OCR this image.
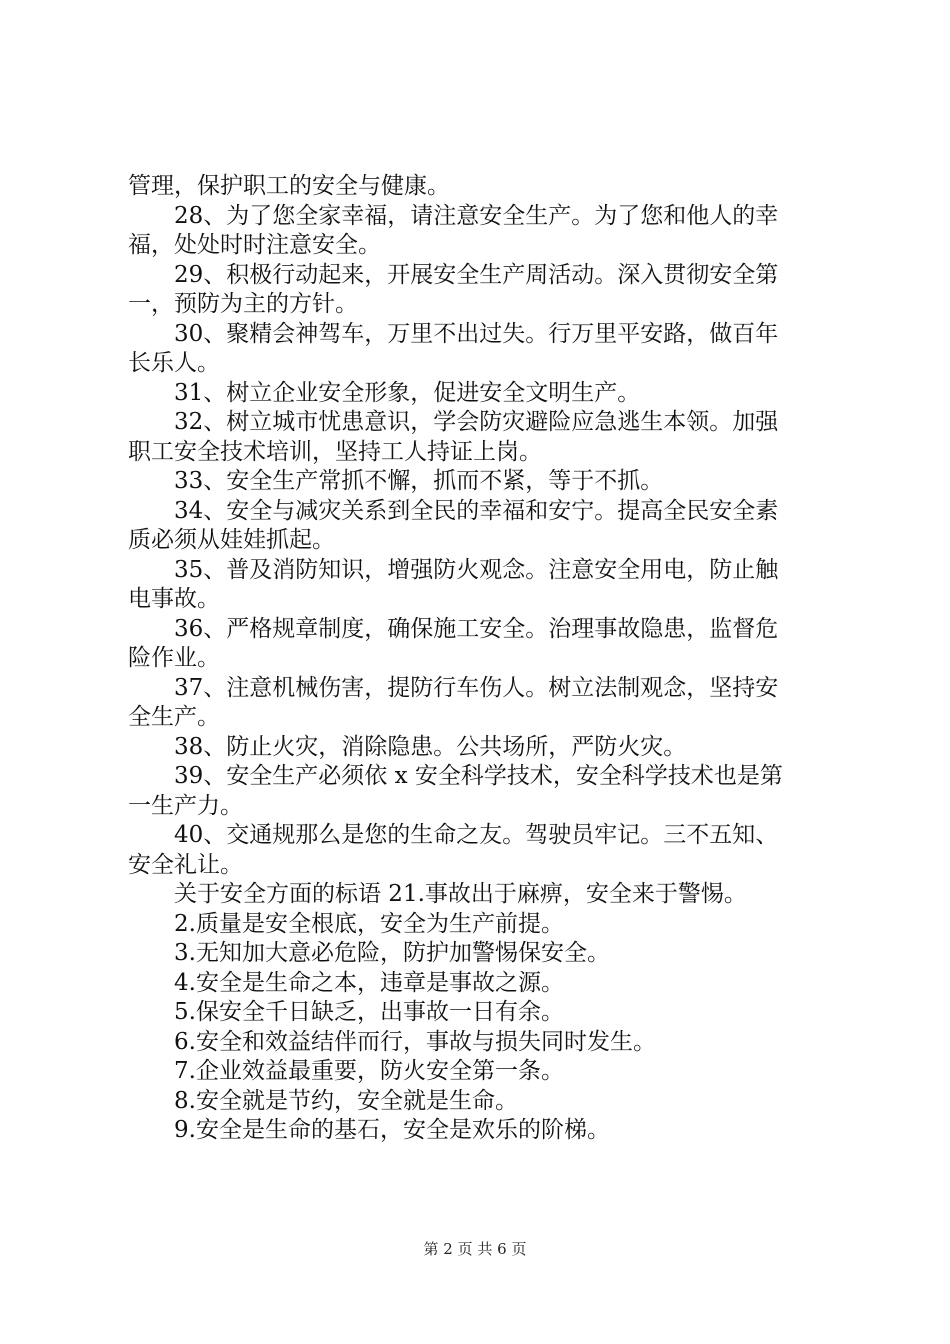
管理，保护职工的安全与健康。
28、为了您全家幸福，请注意安全生产。为了您和他人的幸
福，处处时时注意安全。
29、积极行动起来，开展安全生产周活动。深入贯彻安全第
一，预防为主的方针。
30、聚精会神驾车，万里不出过失。行万里平安路，做百年
长乐人。
31、树立企业安全形象，促进安全文明生产。
32、树立城市忧患意识，学会防灾避险应急逃生本领。加强
职工安全技术培训，坚持工人持证上岗。
33、安全生产常抓不懈，抓而不紧，等于不抓。
34、安全与减灾关系到全民的幸福和安宁。提高全民安全素
质必须从娃娃抓起。
35、普及消防知识，增强防火观念。注意安全用电，防止触
电事故。
36、严格规章制度，确保施工安全。治理事故隐患，监督危
险作业。
37、注意机械伤害，提防行车伤人。树立法制观念，坚持安
全生产。
38、防止火灾，消除隐患。公共场所，严防火灾。
39、安全生产必须依 x 安全科学技术，安全科学技术也是第
一生产力。
40、交通规那么是您的生命之友。驾驶员牢记。三不五知、
安全礼让。
关于安全方面的标语 21.事故出于麻痹，安全来于警惕。
2.质量是安全根底，安全为生产前提。
3.无知加大意必危险，防护加警惕保安全。
4.安全是生命之本，违章是事故之源。
5.保安全千日缺乏，出事故一日有余。
6.安全和效益结伴而行，事故与损失同时发生。
7.企业效益最重要，防火安全第一条。
8.安全就是节约，安全就是生命。
9.安全是生命的基石，安全是欢乐的阶梯。
第 2 页 共 6 页
